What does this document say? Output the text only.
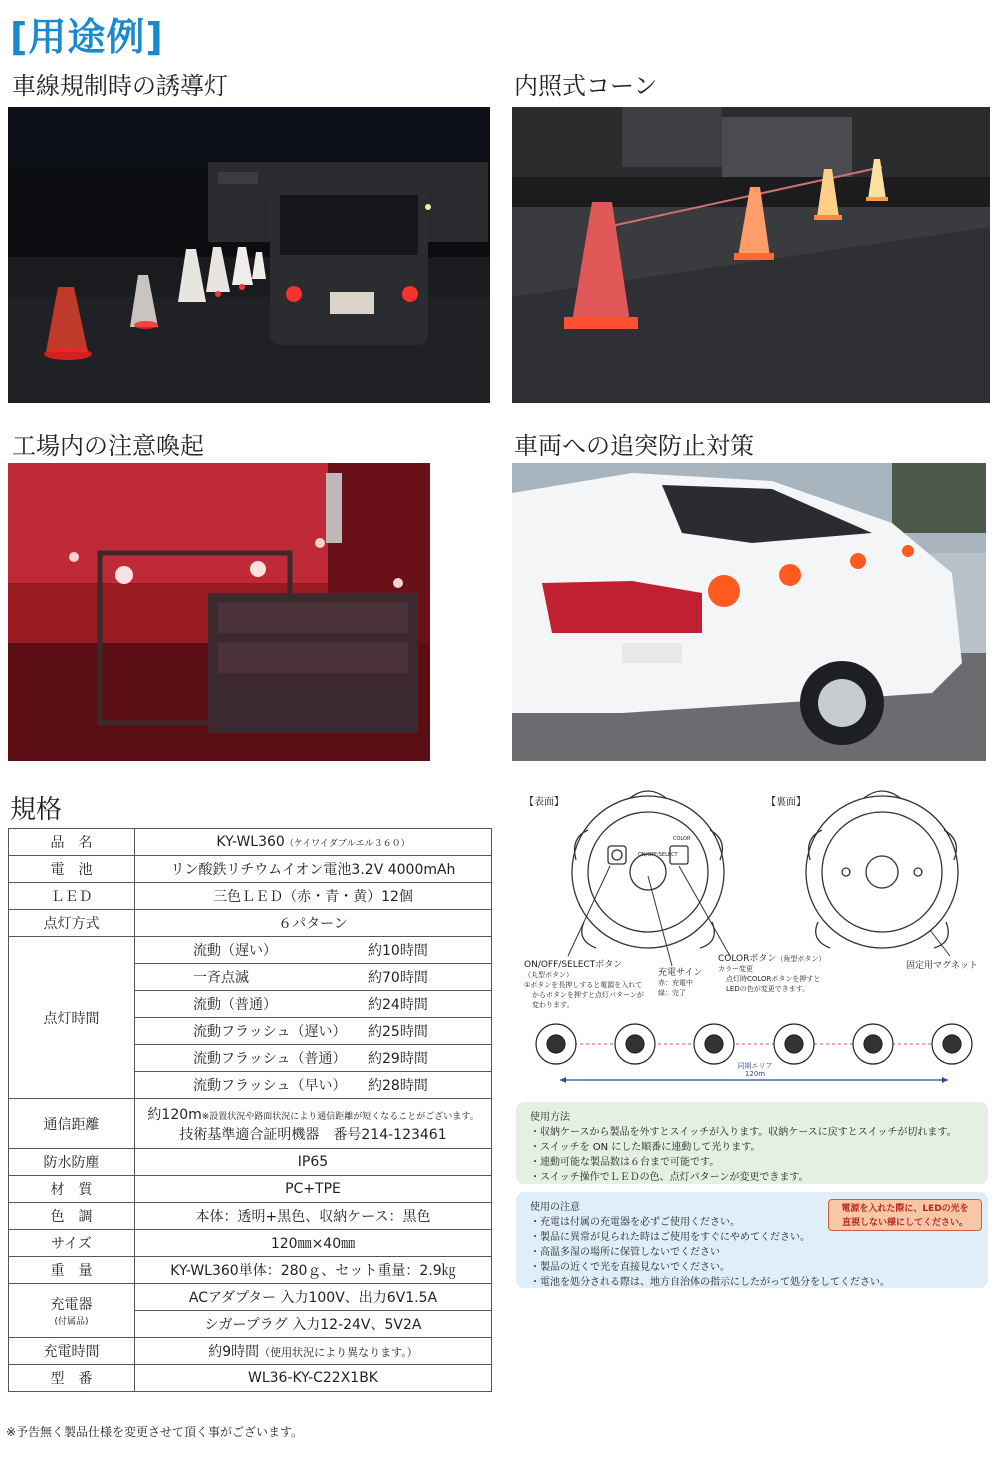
[用途例]
車線規制時の誘導灯	内照式コーン
工場内の注意喚起	車両への追突防止対策
規格
品　名	KY-WL360（ケイワイダブルエル３６０）
電　池	リン酸鉄リチウムイオン電池3.2V 4000mAh
ＬＥＤ	三色ＬＥＤ（赤・青・黄）12個
点灯方式	６パターン
点灯時間	流動（遅い） 約10時間

	一斉点滅 約70時間

	流動（普通） 約24時間

	流動フラッシュ（遅い） 約25時間

	流動フラッシュ（普通） 約29時間

	流動フラッシュ（早い） 約28時間

通信距離	約120m※設置状況や路面状況により通信距離が短くなることがございます。
技術基準適合証明機器　番号214-123461

防水防塵	IP65
材　質	PC+TPE
色　調	本体：透明+黒色、収納ケース：黒色
サイズ	120㎜×40㎜
重　量	KY-WL360単体：280ｇ、セット重量：2.9㎏

充電器
(付属品)	ACアダプター 入力100V、出力6V1.5A
	シガープラグ 入力12-24V、5V2A
充電時間	約9時間（使用状況により異なります。）
型　番	WL36-KY-C22X1BK
※予告無く製品仕様を変更させて頂く事がございます。
【表面】	【裏面】
ON/OFF/SELECT
COLOR
ON/OFF/SELECTボタン
（丸型ボタン）
①ボタンを長押しすると電源を入れて
からボタンを押すと点灯パターンが
変わります。
充電サイン
赤：充電中
緑：完了
COLORボタン（角型ボタン）
カラー変更
点灯時COLORボタンを押すと
LEDの色が変更できます。
固定用マグネット
同期エリア
120m
使用方法
・収納ケースから製品を外すとスイッチが入ります。収納ケースに戻すとスイッチが切れます。
・スイッチを ON にした順番に連動して光ります。
・連動可能な製品数は６台まで可能です。
・スイッチ操作でＬＥＤの色、点灯パターンが変更できます。
使用の注意
・充電は付属の充電器を必ずご使用ください。
・製品に異常が見られた時はご使用をすぐにやめてください。
・高温多湿の場所に保管しないでください
・製品の近くで光を直接見ないでください。
・電池を処分される際は、地方自治体の指示にしたがって処分をしてください。
電源を入れた際に、LEDの光を
直視しない様にしてください。
